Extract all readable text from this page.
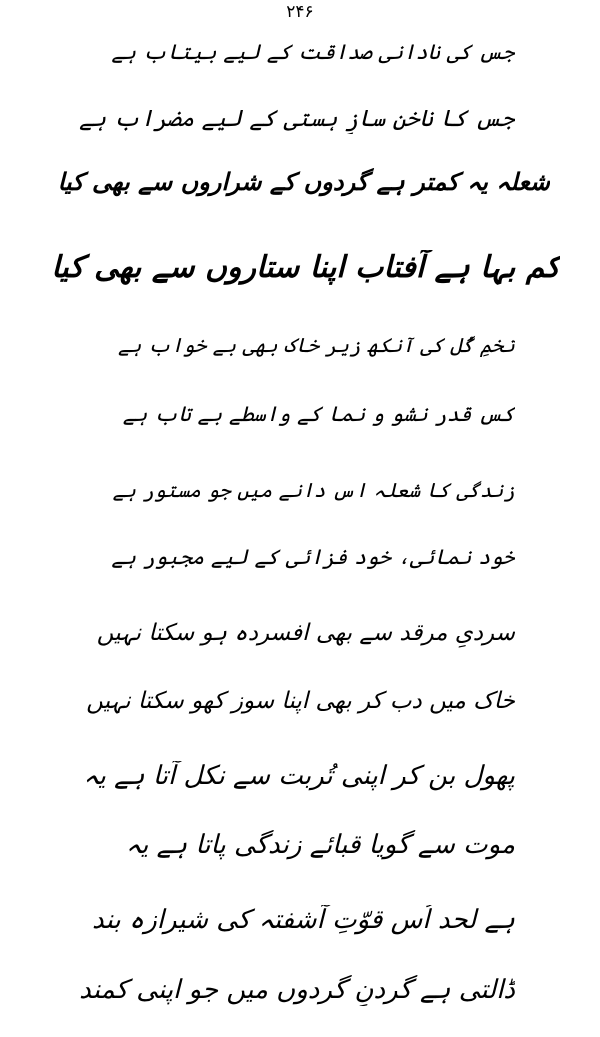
۲۴۶
جس کی نادانی صداقت کے لیے بیتاب ہے
جس کا ناخن سازِ ہستی کے لیے مضراب ہے
شعلہ یہ کمتر ہے گردوں کے شراروں سے بھی کیا
کم بہا ہے آفتاب اپنا ستاروں سے بھی کیا
تخمِ گُل کی آنکھ زیرِ خاک بھی بے خواب ہے
کس قدر نشو و نما کے واسطے بے تاب ہے
زندگی کا شعلہ اس دانے میں جو مستور ہے
خود نمائی، خود فزائی کے لیے مجبور ہے
سردیِ مرقد سے بھی افسردہ ہو سکتا نہیں
خاک میں دب کر بھی اپنا سوز کھو سکتا نہیں
پھول بن کر اپنی تُربت سے نکل آتا ہے یہ
موت سے گویا قبائے زندگی پاتا ہے یہ
ہے لحد اُس قوّتِ آشفتہ کی شیرازہ بند
ڈالتی ہے گردنِ گردوں میں جو اپنی کمند
